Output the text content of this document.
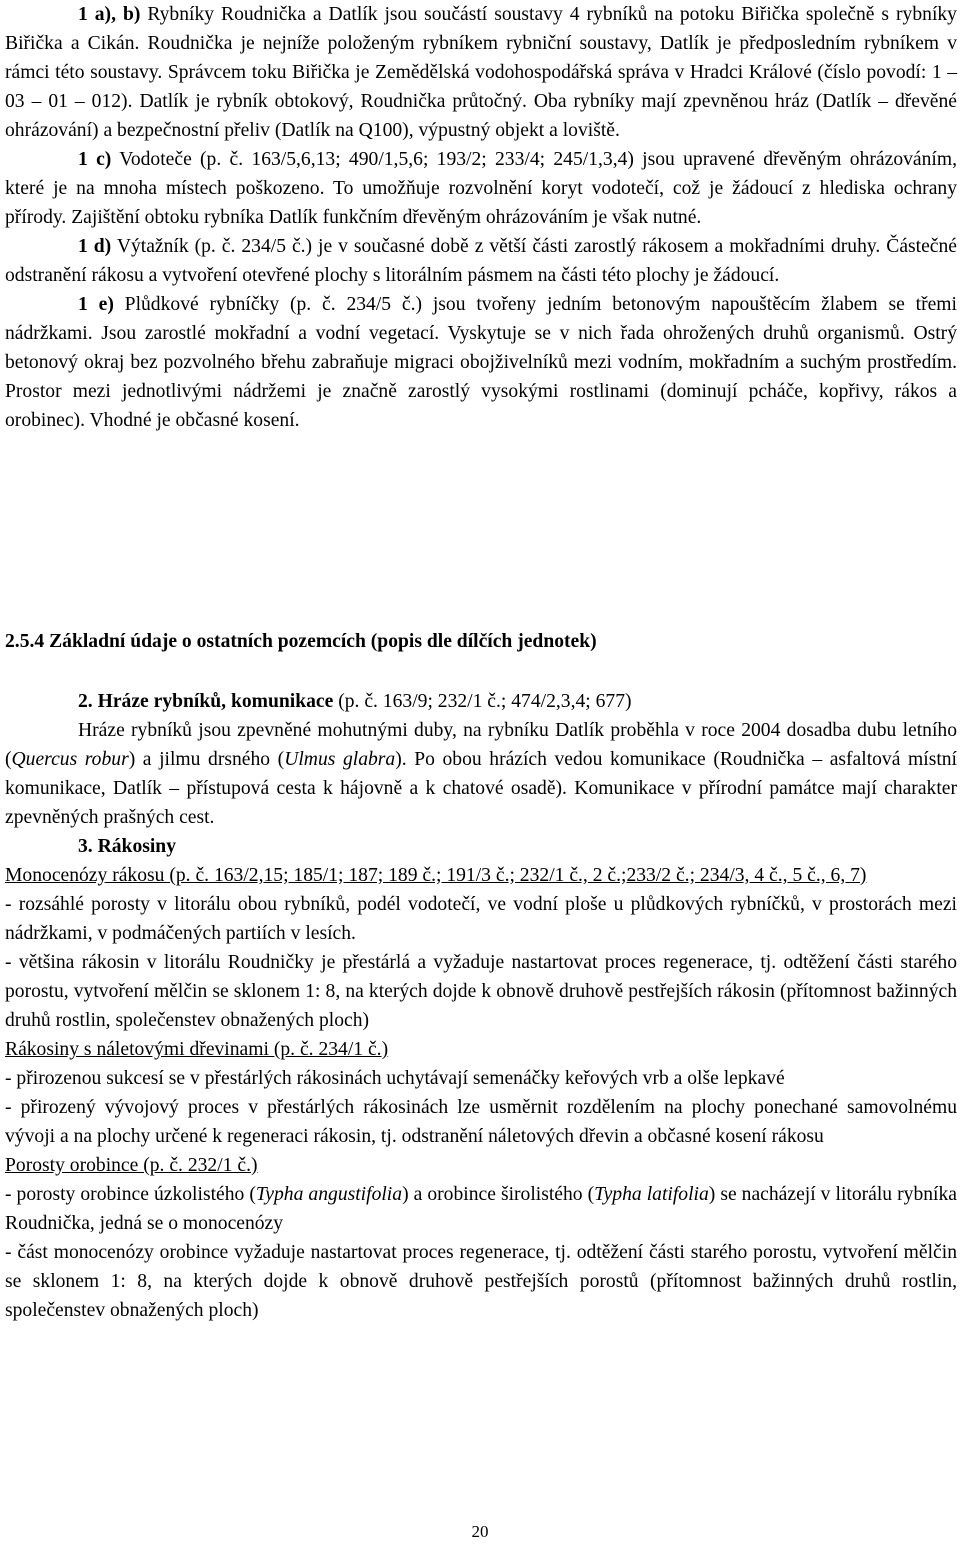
1 a), b) Rybníky Roudnička a Datlík jsou součástí soustavy 4 rybníků na potoku Biřička společně s rybníky Biřička a Cikán. Roudnička je nejníže položeným rybníkem rybniční soustavy, Datlík je předposledním rybníkem v rámci této soustavy. Správcem toku Biřička je Zemědělská vodohospodářská správa v Hradci Králové (číslo povodí: 1 – 03 – 01 – 012). Datlík je rybník obtokový, Roudnička průtočný. Oba rybníky mají zpevněnou hráz (Datlík – dřevěné ohrázování) a bezpečnostní přeliv (Datlík na Q100), výpustný objekt a loviště.

1 c) Vodoteče (p. č. 163/5,6,13; 490/1,5,6; 193/2; 233/4; 245/1,3,4) jsou upravené dřevěným ohrázováním, které je na mnoha místech poškozeno. To umožňuje rozvolnění koryt vodotečí, což je žádoucí z hlediska ochrany přírody. Zajištění obtoku rybníka Datlík funkčním dřevěným ohrázováním je však nutné.

1 d) Výtažník (p. č. 234/5 č.) je v současné době z větší části zarostlý rákosem a mokřadními druhy. Částečné odstranění rákosu a vytvoření otevřené plochy s litorálním pásmem na části této plochy je žádoucí.

1 e) Plůdkové rybníčky (p. č. 234/5 č.) jsou tvořeny jedním betonovým napouštěcím žlabem se třemi nádržkami. Jsou zarostlé mokřadní a vodní vegetací. Vyskytuje se v nich řada ohrožených druhů organismů. Ostrý betonový okraj bez pozvolného břehu zabraňuje migraci obojživelníků mezi vodním, mokřadním a suchým prostředím. Prostor mezi jednotlivými nádržemi je značně zarostlý vysokými rostlinami (dominují pcháče, kopřivy, rákos a orobinec). Vhodné je občasné kosení.

2.5.4 Základní údaje o ostatních pozemcích (popis dle dílčích jednotek)

2. Hráze rybníků, komunikace (p. č. 163/9; 232/1 č.; 474/2,3,4; 677)

Hráze rybníků jsou zpevněné mohutnými duby, na rybníku Datlík proběhla v roce 2004 dosadba dubu letního (Quercus robur) a jilmu drsného (Ulmus glabra). Po obou hrázích vedou komunikace (Roudnička – asfaltová místní komunikace, Datlík – přístupová cesta k hájovně a k chatové osadě). Komunikace v přírodní památce mají charakter zpevněných prašných cest.

3. Rákosiny

Monocenózy rákosu (p. č. 163/2,15; 185/1; 187; 189 č.; 191/3 č.; 232/1 č., 2 č.;233/2 č.; 234/3, 4 č., 5 č., 6, 7)

- rozsáhlé porosty v litorálu obou rybníků, podél vodotečí, ve vodní ploše u plůdkových rybníčků, v prostorách mezi nádržkami, v podmáčených partiích v lesích.

- většina rákosin v litorálu Roudničky je přestárlá a vyžaduje nastartovat proces regenerace, tj. odtěžení části starého porostu, vytvoření mělčin se sklonem 1: 8, na kterých dojde k obnově druhově pestřejších rákosin (přítomnost bažinných druhů rostlin, společenstev obnažených ploch)

Rákosiny s náletovými dřevinami (p. č. 234/1 č.)

- přirozenou sukcesí se v přestárlých rákosinách uchytávají semenáčky keřových vrb a olše lepkavé

- přirozený vývojový proces v přestárlých rákosinách lze usměrnit rozdělením na plochy ponechané samovolnému vývoji a na plochy určené k regeneraci rákosin, tj. odstranění náletových dřevin a občasné kosení rákosu

Porosty orobince (p. č. 232/1 č.)

- porosty orobince úzkolistého (Typha angustifolia) a orobince širolistého (Typha latifolia) se nacházejí v litorálu rybníka Roudnička, jedná se o monocenózy

- část monocenózy orobince vyžaduje nastartovat proces regenerace, tj. odtěžení části starého porostu, vytvoření mělčin se sklonem 1: 8, na kterých dojde k obnově druhově pestřejších porostů (přítomnost bažinných druhů rostlin, společenstev obnažených ploch)

20
